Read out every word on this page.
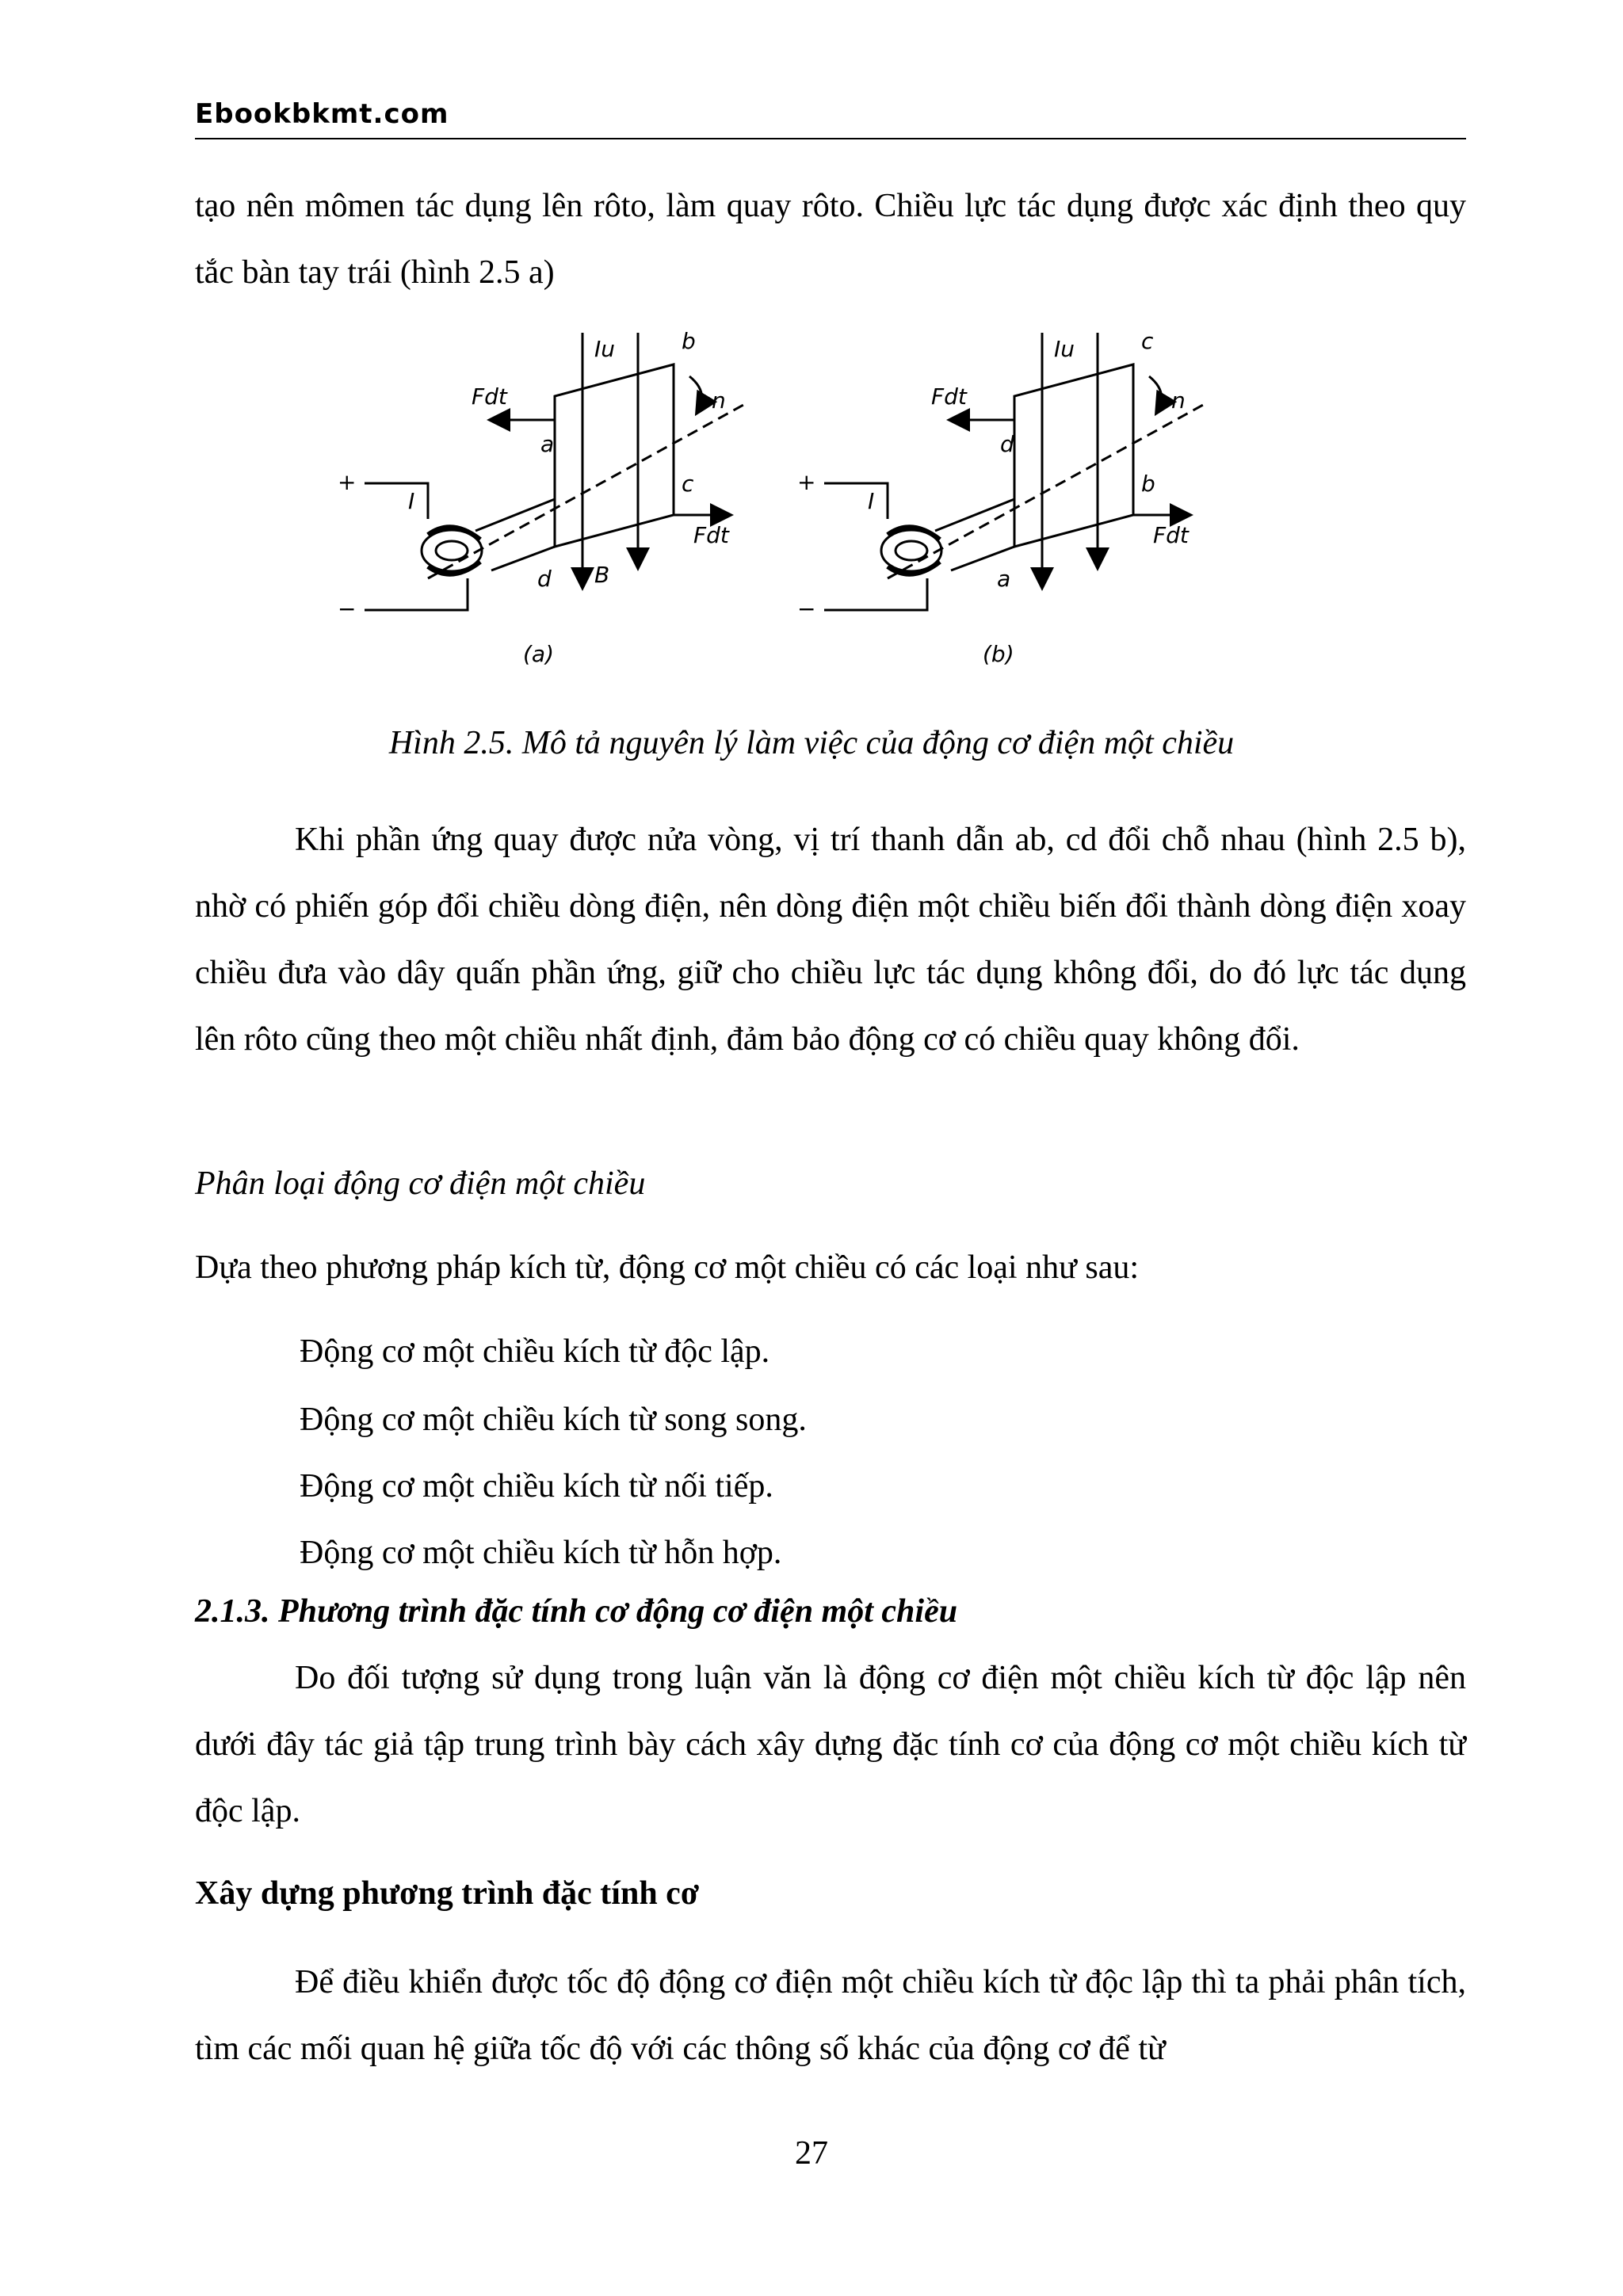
Ebookbkmt.com
tạo nên mômen tác dụng lên rôto, làm quay rôto. Chiều lực tác dụng được xác định theo quy tắc bàn tay trái (hình 2.5 a)
+
−
I
Iu	b
Fdt	n
a
c
Fdt
d B
(a)
+
−
I
Iu	c
Fdt	n
d
b
Fdt
a
(b)
Hình 2.5. Mô tả nguyên lý làm việc của động cơ điện một chiều
Khi phần ứng quay được nửa vòng, vị trí thanh dẫn ab, cd đổi chỗ nhau (hình 2.5 b), nhờ có phiến góp đổi chiều dòng điện, nên dòng điện một chiều biến đổi thành dòng điện xoay chiều đưa vào dây quấn phần ứng, giữ cho chiều lực tác dụng không đổi, do đó lực tác dụng lên rôto cũng theo một chiều nhất định, đảm bảo động cơ có chiều quay không đổi.
Phân loại động cơ điện một chiều
Dựa theo phương pháp kích từ, động cơ một chiều có các loại như sau:
Động cơ một chiều kích từ độc lập.
Động cơ một chiều kích từ song song.
Động cơ một chiều kích từ nối tiếp.
Động cơ một chiều kích từ hỗn hợp.
2.1.3. Phương trình đặc tính cơ động cơ điện một chiều
Do đối tượng sử dụng trong luận văn là động cơ điện một chiều kích từ độc lập nên dưới đây tác giả tập trung trình bày cách xây dựng đặc tính cơ của động cơ một chiều kích từ độc lập.
Xây dựng phương trình đặc tính cơ
Để điều khiển được tốc độ động cơ điện một chiều kích từ độc lập thì ta phải phân tích, tìm các mối quan hệ giữa tốc độ với các thông số khác của động cơ để từ
27
